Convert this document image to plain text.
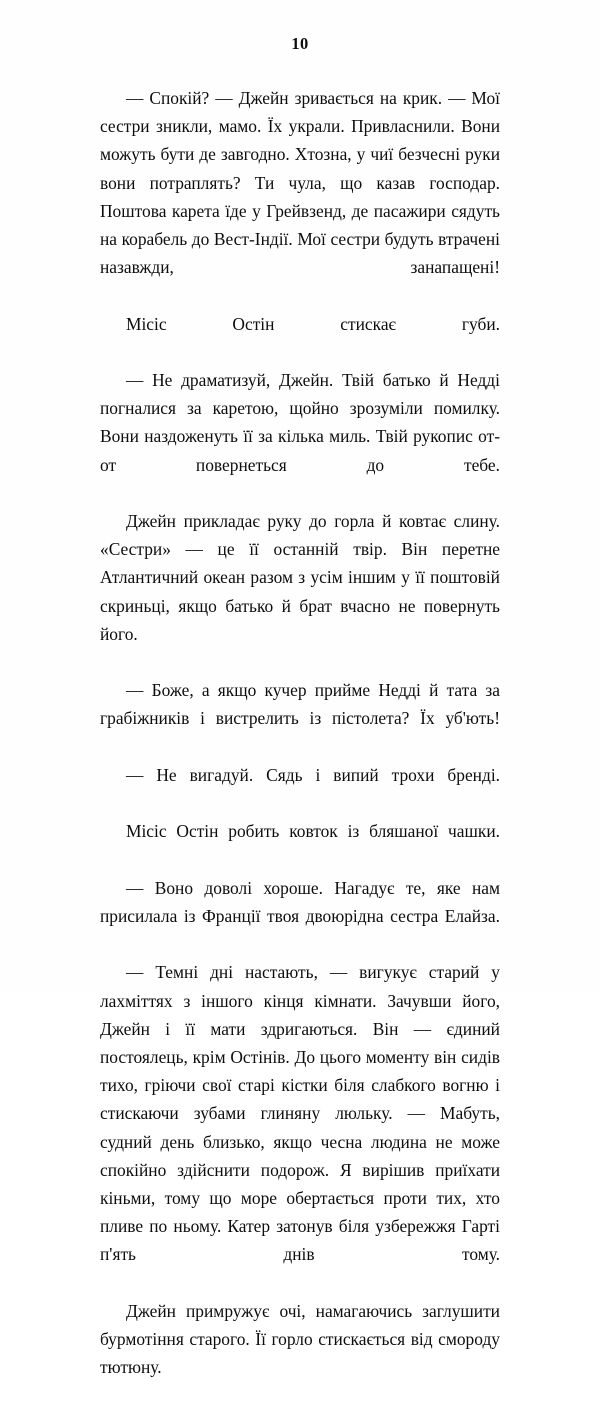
10

— Спокій? — Джейн зривається на крик. — Мої сестри зникли, мамо. Їх украли. Привласнили. Вони можуть бути де завгодно. Хтозна, у чиї безчесні руки вони потраплять? Ти чула, що казав господар. Поштова карета їде у Грейвзенд, де пасажири сядуть на корабель до Вест-Індії. Мої сестри будуть втрачені назавжди, занапащені!

Місіс Остін стискає губи.

— Не драматизуй, Джейн. Твій батько й Недді погналися за каретою, щойно зрозуміли помилку. Вони наздоженуть її за кілька миль. Твій рукопис от-от повернеться до тебе.

Джейн прикладає руку до горла й ковтає слину. «Сестри» — це її останній твір. Він перетне Атлантичний океан разом з усім іншим у її поштовій скриньці, якщо батько й брат вчасно не повернуть його.

— Боже, а якщо кучер прийме Недді й тата за грабіжників і вистрелить із пістолета? Їх уб'ють!

— Не вигадуй. Сядь і випий трохи бренді.

Місіс Остін робить ковток із бляшаної чашки.

— Воно доволі хороше. Нагадує те, яке нам присилала із Франції твоя двоюрідна сестра Елайза.

— Темні дні настають, — вигукує старий у лахміттях з іншого кінця кімнати. Зачувши його, Джейн і її мати здригаються. Він — єдиний постоялець, крім Остінів. До цього моменту він сидів тихо, гріючи свої старі кістки біля слабкого вогню і стискаючи зубами глиняну люльку. — Мабуть, судний день близько, якщо чесна людина не може спокійно здійснити подорож. Я вирішив приїхати кіньми, тому що море обертається проти тих, хто пливе по ньому. Катер затонув біля узбережжя Гарті п'ять днів тому.

Джейн примружує очі, намагаючись заглушити бурмотіння старого. Її горло стискається від смороду тютюну.
